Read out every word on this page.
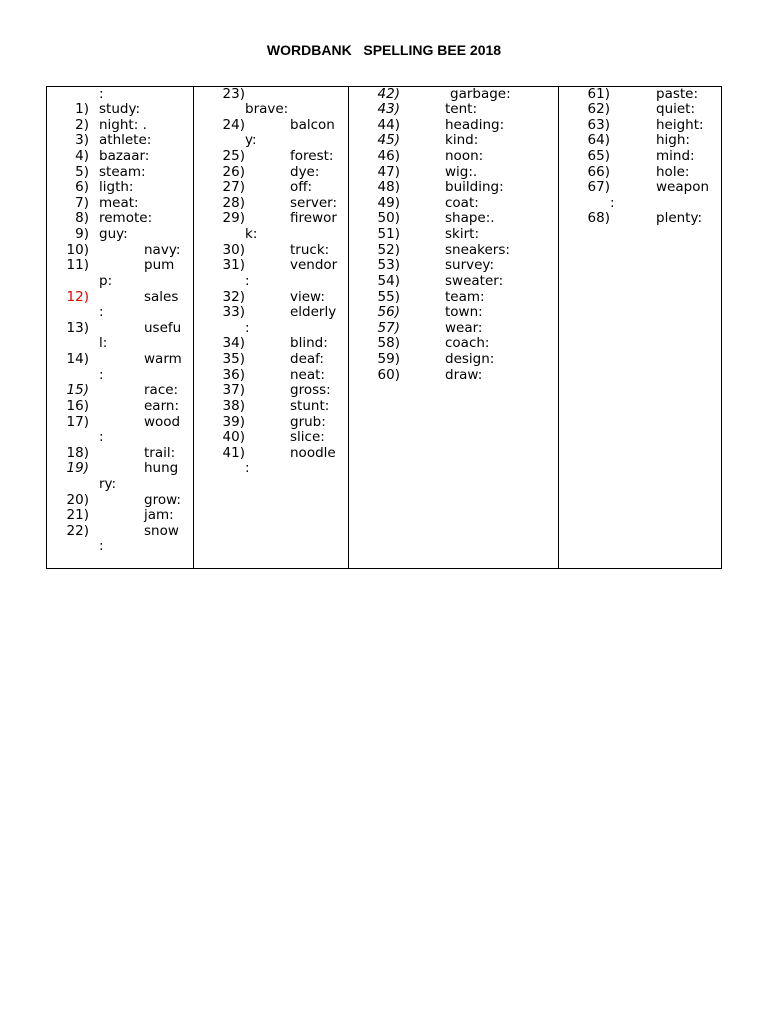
WORDBANK   SPELLING BEE 2018
:
1) study:
2) night: .
3) athlete:
4) bazaar:
5) steam:
6) ligth:
7) meat:
8) remote:
9) guy:
10)	navy:
11)	pum
p:
12)	sales
:
13)	usefu
l:
14)	warm
:
15)	race:
16)	earn:
17)	wood
:
18)	trail:
19)	hung
ry:
20)	grow:
21)	jam:
22)	snow
:
23)
brave:
24)	balcon
y:
25)	forest:
26)	dye:
27)	off:
28)	server:
29)	firewor
k:
30)	truck:
31)	vendor
:
32)	view:
33)	elderly
:
34)	blind:
35)	deaf:
36)	neat:
37)	gross:
38)	stunt:
39)	grub:
40)	slice:
41)	noodle
:
42)	garbage:
43)	tent:
44)	heading:
45)	kind:
46)	noon:
47)	wig:.
48)	building:
49)	coat:
50)	shape:.
51)	skirt:
52)	sneakers:
53)	survey:
54)	sweater:
55)	team:
56)	town:
57)	wear:
58)	coach:
59)	design:
60)	draw:
61)	paste:
62)	quiet:
63)	height:
64)	high:
65)	mind:
66)	hole:
67)	weapon
:
68)	plenty:
